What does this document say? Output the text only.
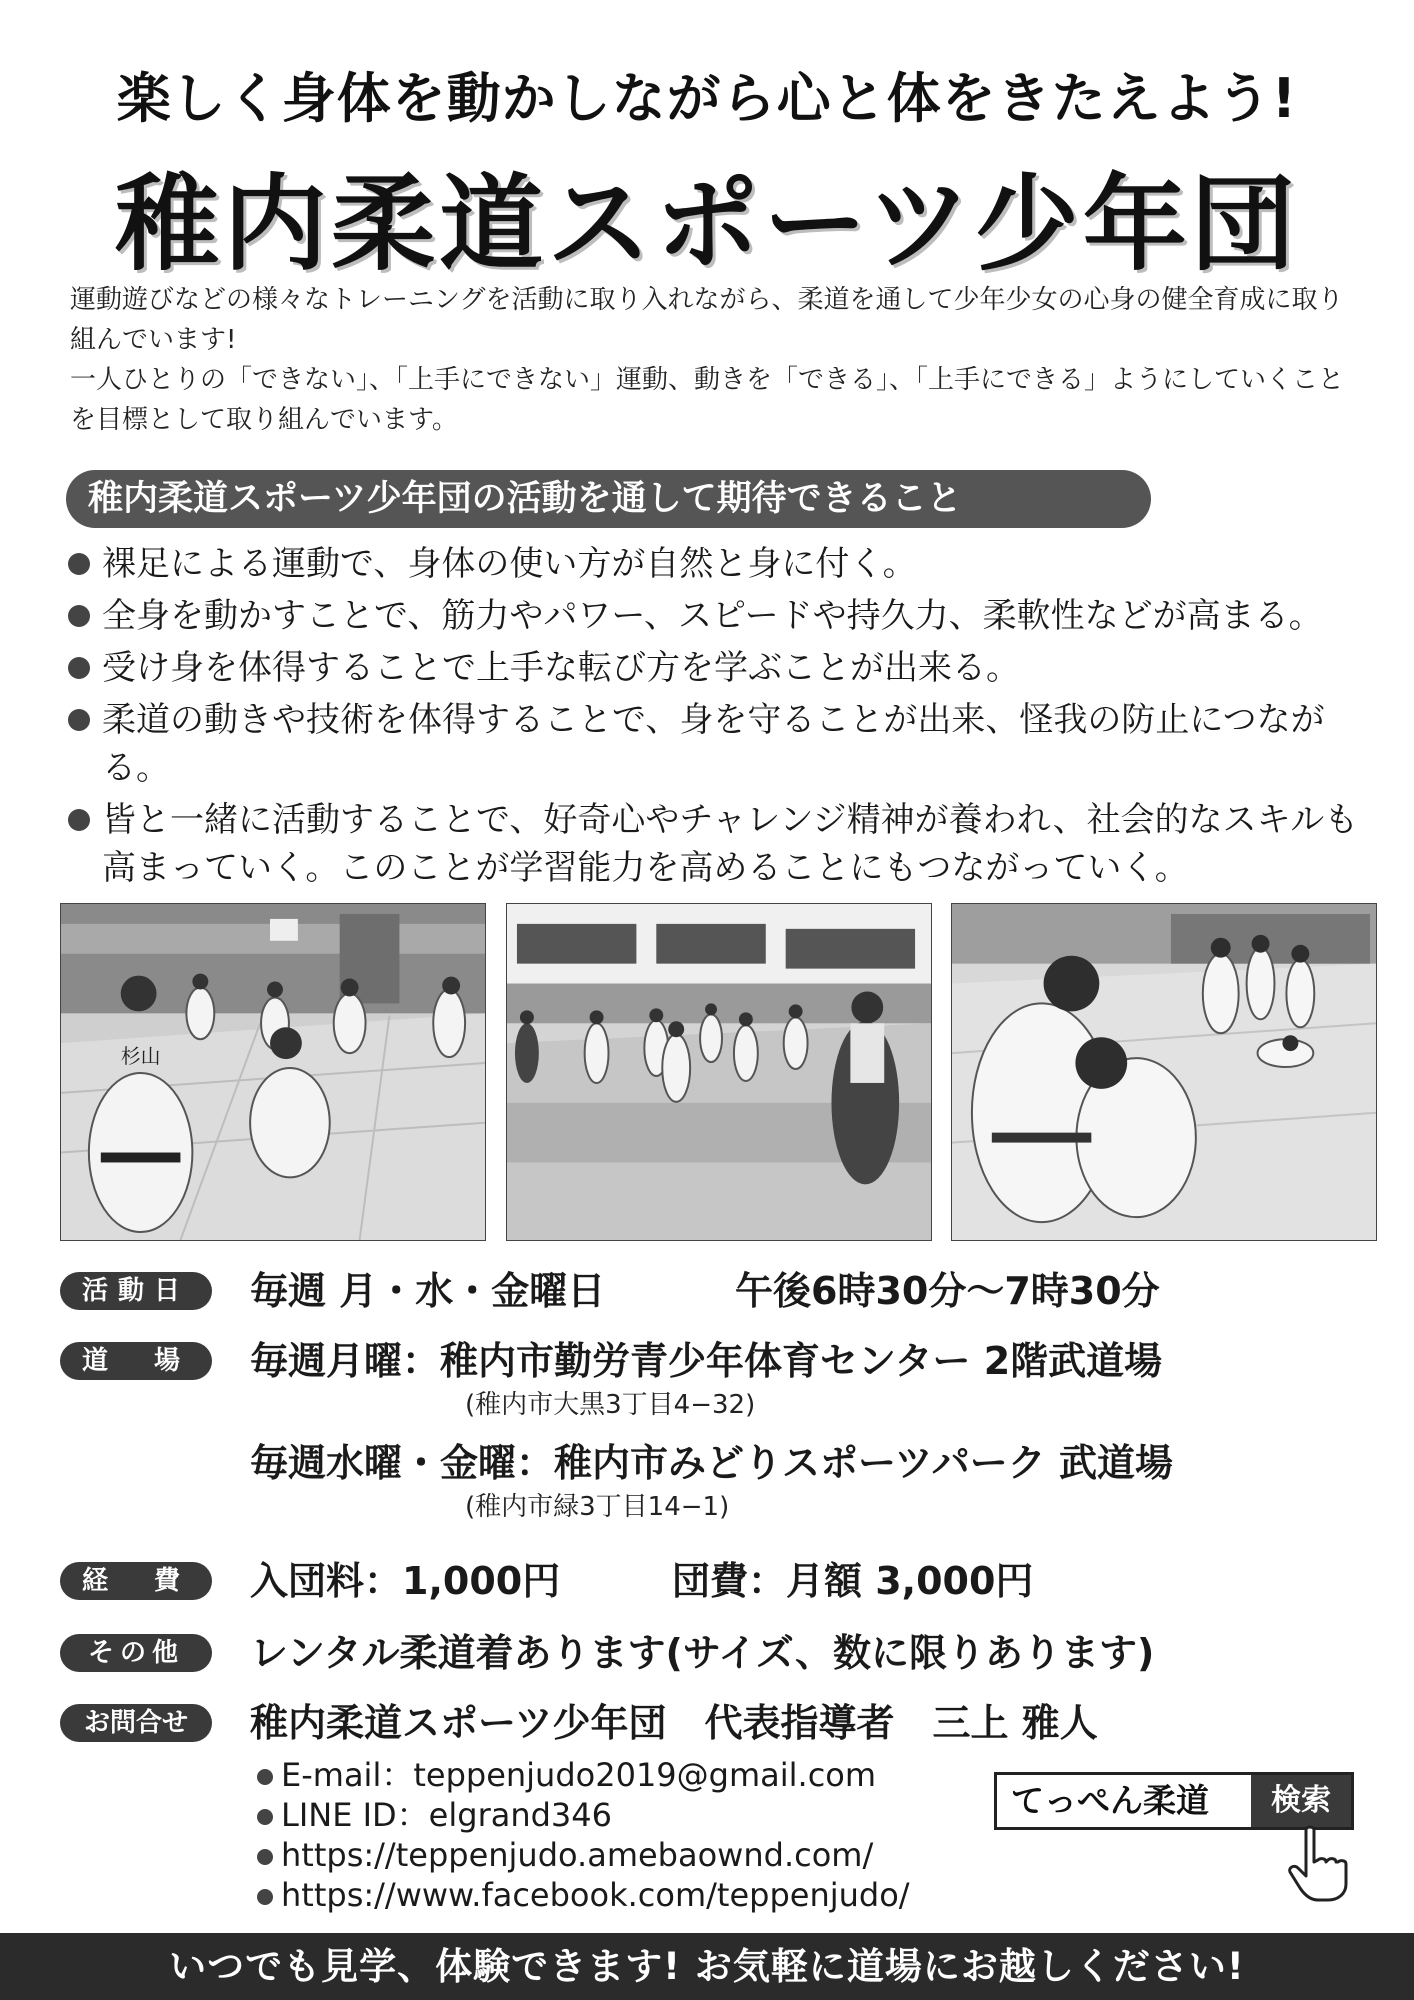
楽しく身体を動かしながら心と体をきたえよう!
稚内柔道スポーツ少年団

運動遊びなどの様々なトレーニングを活動に取り入れながら、柔道を通して少年少女の心身の健全育成に取り組んでいます!

一人ひとりの「できない」、「上手にできない」運動、動きを「できる」、「上手にできる」ようにしていくことを目標として取り組んでいます。

稚内柔道スポーツ少年団の活動を通して期待できること
裸足による運動で、身体の使い方が自然と身に付く。
全身を動かすことで、筋力やパワー、スピードや持久力、柔軟性などが高まる。
受け身を体得することで上手な転び方を学ぶことが出来る。
柔道の動きや技術を体得することで、身を守ることが出来、怪我の防止につながる。
皆と一緒に活動することで、好奇心やチャレンジ精神が養われ、社会的なスキルも高まっていく。このことが学習能力を高めることにもつながっていく。
杉山
活動日	毎週 月・水・金曜日	午後6時30分～7時30分
道　場	毎週月曜：稚内市勤労青少年体育センター 2階武道場
(稚内市大黒3丁目4−32)
毎週水曜・金曜：稚内市みどりスポーツパーク 武道場
(稚内市緑3丁目14−1)
経　費	入団料：1,000円	団費：月額 3,000円
その他	レンタル柔道着あります(サイズ、数に限りあります)
お問合せ	稚内柔道スポーツ少年団　代表指導者　三上 雅人
E-mail：teppenjudo2019@gmail.com
LINE ID：elgrand346
https://teppenjudo.amebaownd.com/
https://www.facebook.com/teppenjudo/
てっぺん柔道	検索
いつでも見学、体験できます! お気軽に道場にお越しください!
